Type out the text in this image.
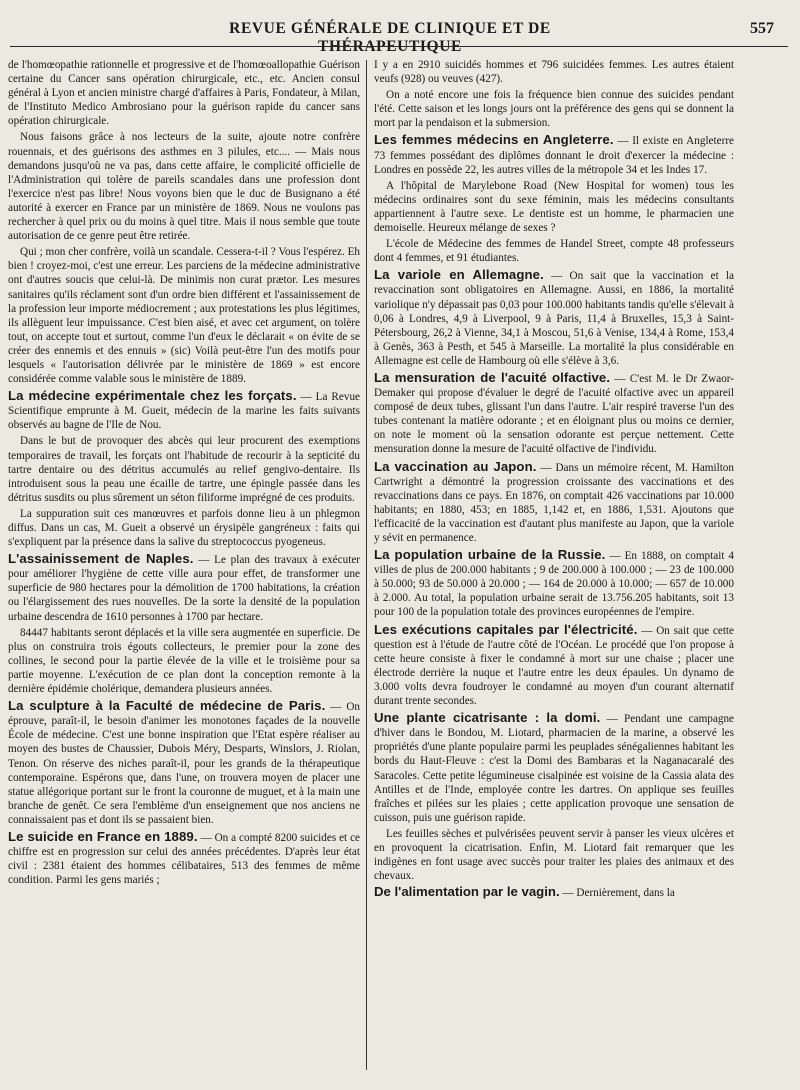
REVUE GÉNÉRALE DE CLINIQUE ET DE THÉRAPEUTIQUE
557

de l'homœopathie rationnelle et progressive et de l'homœoallopathie Guérison certaine du Cancer sans opération chirurgicale, etc., etc. Ancien consul général à Lyon et ancien ministre chargé d'affaires à Paris, Fondateur, à Milan, de l'Instituto Medico Ambrosiano pour la guérison rapide du cancer sans opération chirurgicale.

Nous faisons grâce à nos lecteurs de la suite, ajoute notre confrère rouennais, et des guérisons des asthmes en 3 pilules, etc.... — Mais nous demandons jusqu'où ne va pas, dans cette affaire, le complicité officielle de l'Administration qui tolère de pareils scandales dans une profession dont l'exercice n'est pas libre! Nous voyons bien que le duc de Busignano a été autorité à exercer en France par un ministère de 1869. Nous ne voulons pas rechercher à quel prix ou du moins à quel titre. Mais il nous semble que toute autorisation de ce genre peut être retirée.

Qui ; mon cher confrère, voilà un scandale. Cessera-t-il ? Vous l'espérez. Eh bien ! croyez-moi, c'est une erreur. Les parciens de la médecine administrative ont d'autres soucis que celui-là. De minimis non curat prætor. Les mesures sanitaires qu'ils réclament sont d'un ordre bien différent et l'assainissement de la profession leur importe médiocrement ; aux protestations les plus légitimes, ils allèguent leur impuissance. C'est bien aisé, et avec cet argument, on tolère tout, on accepte tout et surtout, comme l'un d'eux le déclarait « on évite de se créer des ennemis et des ennuis » (sic) Voilà peut-être l'un des motifs pour lesquels « l'autorisation délivrée par le ministère de 1869 » est encore considérée comme valable sous le ministère de 1889.

La médecine expérimentale chez les forçats. — La Revue Scientifique emprunte à M. Gueit, médecin de la marine les faits suivants observés au bagne de l'Ile de Nou.

Dans le but de provoquer des abcès qui leur procurent des exemptions temporaires de travail, les forçats ont l'habitude de recourir à la septicité du tartre dentaire ou des détritus accumulés au relief gengivo-dentaire. Ils introduisent sous la peau une écaille de tartre, une épingle passée dans les détritus susdits ou plus sûrement un séton filiforme imprégné de ces produits.

La suppuration suit ces manœuvres et parfois donne lieu à un phlegmon diffus. Dans un cas, M. Gueit a observé un érysipèle gangréneux : faits qui s'expliquent par la présence dans la salive du streptococcus pyogeneus.

L'assainissement de Naples. — Le plan des travaux à exécuter pour améliorer l'hygiène de cette ville aura pour effet, de transformer une superficie de 980 hectares pour la démolition de 1700 habitations, la création ou l'élargissement des rues nouvelles. De la sorte la densité de la population urbaine descendra de 1610 personnes à 1700 par hectare.

84447 habitants seront déplacés et la ville sera augmentée en superficie. De plus on construira trois égouts collecteurs, le premier pour la zone des collines, le second pour la partie élevée de la ville et le troisième pour sa partie moyenne. L'exécution de ce plan dont la conception remonte à la dernière épidémie cholérique, demandera plusieurs années.

La sculpture à la Faculté de médecine de Paris. — On éprouve, paraît-il, le besoin d'animer les monotones façades de la nouvelle École de médecine. C'est une bonne inspiration que l'Etat espère réaliser au moyen des bustes de Chaussier, Dubois Méry, Desparts, Winslors, J. Riolan, Tenon. On réserve des niches paraît-il, pour les grands de la thérapeutique contemporaine. Espérons que, dans l'une, on trouvera moyen de placer une statue allégorique portant sur le front la couronne de muguet, et à la main une branche de genêt. Ce sera l'emblème d'un enseignement que nos anciens ne connaissaient pas et dont ils se passaient bien.

Le suicide en France en 1889. — On a compté 8200 suicides et ce chiffre est en progression sur celui des années précédentes. D'après leur état civil : 2381 étaient des hommes célibataires, 513 des femmes de même condition. Parmi les gens mariés ;

I y a en 2910 suicidés hommes et 796 suicidées femmes. Les autres étaient veufs (928) ou veuves (427).

On a noté encore une fois la fréquence bien connue des suicides pendant l'été. Cette saison et les longs jours ont la préférence des gens qui se donnent la mort par la pendaison et la submersion.

Les femmes médecins en Angleterre. — Il existe en Angleterre 73 femmes possédant des diplômes donnant le droit d'exercer la médecine : Londres en possède 22, les autres villes de la métropole 34 et les Indes 17.

A l'hôpital de Marylebone Road (New Hospital for women) tous les médecins ordinaires sont du sexe féminin, mais les médecins consultants appartiennent à l'autre sexe. Le dentiste est un homme, le pharmacien une demoiselle. Heureux mélange de sexes ?

L'école de Médecine des femmes de Handel Street, compte 48 professeurs dont 4 femmes, et 91 étudiantes.

La variole en Allemagne. — On sait que la vaccination et la revaccination sont obligatoires en Allemagne. Aussi, en 1886, la mortalité variolique n'y dépassait pas 0,03 pour 100.000 habitants tandis qu'elle s'élevait à 0,06 à Londres, 4,9 à Liverpool, 9 à Paris, 11,4 à Bruxelles, 15,3 à Saint-Pétersbourg, 26,2 à Vienne, 34,1 à Moscou, 51,6 à Venise, 134,4 à Rome, 153,4 à Genès, 363 à Pesth, et 545 à Marseille. La mortalité la plus considérable en Allemagne est celle de Hambourg où elle s'élève à 3,6.

La mensuration de l'acuité olfactive. — C'est M. le Dr Zwaor-Demaker qui propose d'évaluer le degré de l'acuité olfactive avec un appareil composé de deux tubes, glissant l'un dans l'autre. L'air respiré traverse l'un des tubes contenant la matière odorante ; et en éloignant plus ou moins ce dernier, on note le moment où la sensation odorante est perçue nettement. Cette mensuration donne la mesure de l'acuité olfactive de l'individu.

La vaccination au Japon. — Dans un mémoire récent, M. Hamilton Cartwright a démontré la progression croissante des vaccinations et des revaccinations dans ce pays. En 1876, on comptait 426 vaccinations par 10.000 habitants; en 1880, 453; en 1885, 1,142 et, en 1886, 1,531. Ajoutons que l'efficacité de la vaccination est d'autant plus manifeste au Japon, que la variole y sévit en permanence.

La population urbaine de la Russie. — En 1888, on comptait 4 villes de plus de 200.000 habitants ; 9 de 200.000 à 100.000 ; — 23 de 100.000 à 50.000; 93 de 50.000 à 20.000 ; — 164 de 20.000 à 10.000; — 657 de 10.000 à 2.000. Au total, la population urbaine serait de 13.756.205 habitants, soit 13 pour 100 de la population totale des provinces européennes de l'empire.

Les exécutions capitales par l'électricité. — On sait que cette question est à l'étude de l'autre côté de l'Océan. Le procédé que l'on propose à cette heure consiste à fixer le condamné à mort sur une chaise ; placer une électrode derrière la nuque et l'autre entre les deux épaules. Un dynamo de 3.000 volts devra foudroyer le condamné au moyen d'un courant alternatif durant trente secondes.

Une plante cicatrisante : la domi. — Pendant une campagne d'hiver dans le Bondou, M. Liotard, pharmacien de la marine, a observé les propriétés d'une plante populaire parmi les peuplades sénégaliennes habitant les bords du Haut-Fleuve : c'est la Domi des Bambaras et la Naganacaralé des Saracoles. Cette petite légumineuse cisalpinée est voisine de la Cassia alata des Antilles et de l'Inde, employée contre les dartres. On applique ses feuilles fraîches et pilées sur les plaies ; cette application provoque une sensation de cuisson, puis une guérison rapide.

Les feuilles sèches et pulvérisées peuvent servir à panser les vieux ulcères et en provoquent la cicatrisation. Enfin, M. Liotard fait remarquer que les indigènes en font usage avec succès pour traiter les plaies des animaux et des chevaux.

De l'alimentation par le vagin. — Dernièrement, dans la
